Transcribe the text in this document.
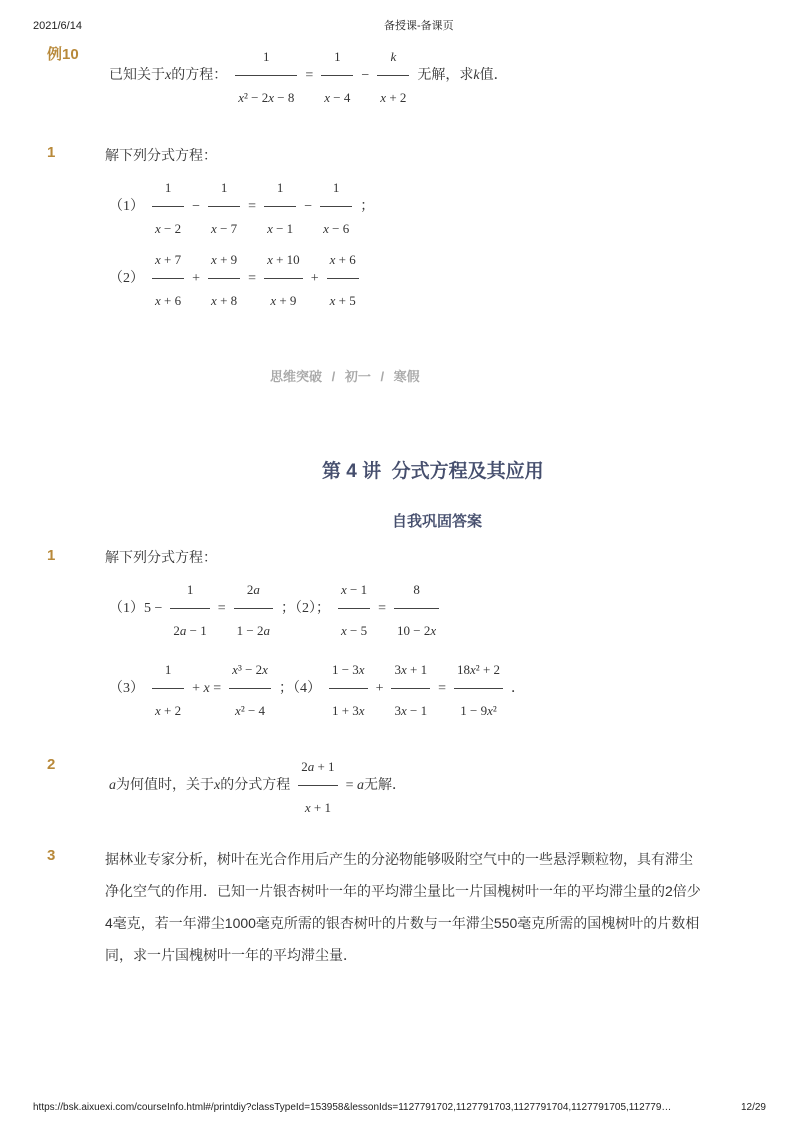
2021/6/14	备授课-备课页
例10
已知关于x的方程： $\frac{1}{\text{x² − 2x − 8}} = \frac{1}{x - 4} - \frac{k}{x + 2}$ 无解，求k值．
1	解下列分式方程：
$(1) \frac{1}{x - 2} - \frac{1}{x - 7} = \frac{1}{x - 1} - \frac{1}{x - 6}$ ；
$(2) \frac{x + 7}{x + 6} + \frac{x + 9}{x + 8} = \frac{x + 10}{x + 9} + \frac{x + 6}{x + 5}$
思维突破 / 初一 / 寒假
第 4 讲  分式方程及其应用
自我巩固答案
1	解下列分式方程：
$(1)5 - \frac{1}{2a - 1} = \frac{2a}{1 - 2a}$ ；（2）； $\frac{x - 1}{x - 5} = \frac{8}{10 - 2x}$
$(3) \frac{1}{x + 2} + x = \frac{\text{x³ − 2x}}{\text{x² − 4}}$ ；$(4) \frac{1 - 3x}{1 + 3x} + \frac{3x + 1}{3x - 1} = \frac{\text{18x² + 2}}{\text{1 − 9x²}}$ ．
2
a为何值时，关于x的分式方程 $\frac{2a + 1}{x + 1} = a$无解．
3	据林业专家分析，树叶在光合作用后产生的分泌物能够吸附空气中的一些悬浮颗粒物，具有滞尘
净化空气的作用．已知一片银杏树叶一年的平均滞尘量比一片国槐树叶一年的平均滞尘量的2倍少
4毫克，若一年滞尘1000毫克所需的银杏树叶的片数与一年滞尘550毫克所需的国槐树叶的片数相
同，求一片国槐树叶一年的平均滞尘量．
https://bsk.aixuexi.com/courseInfo.html#/printdiy?classTypeId=153958&lessonIds=1127791702,1127791703,1127791704,1127791705,112779…	12/29
